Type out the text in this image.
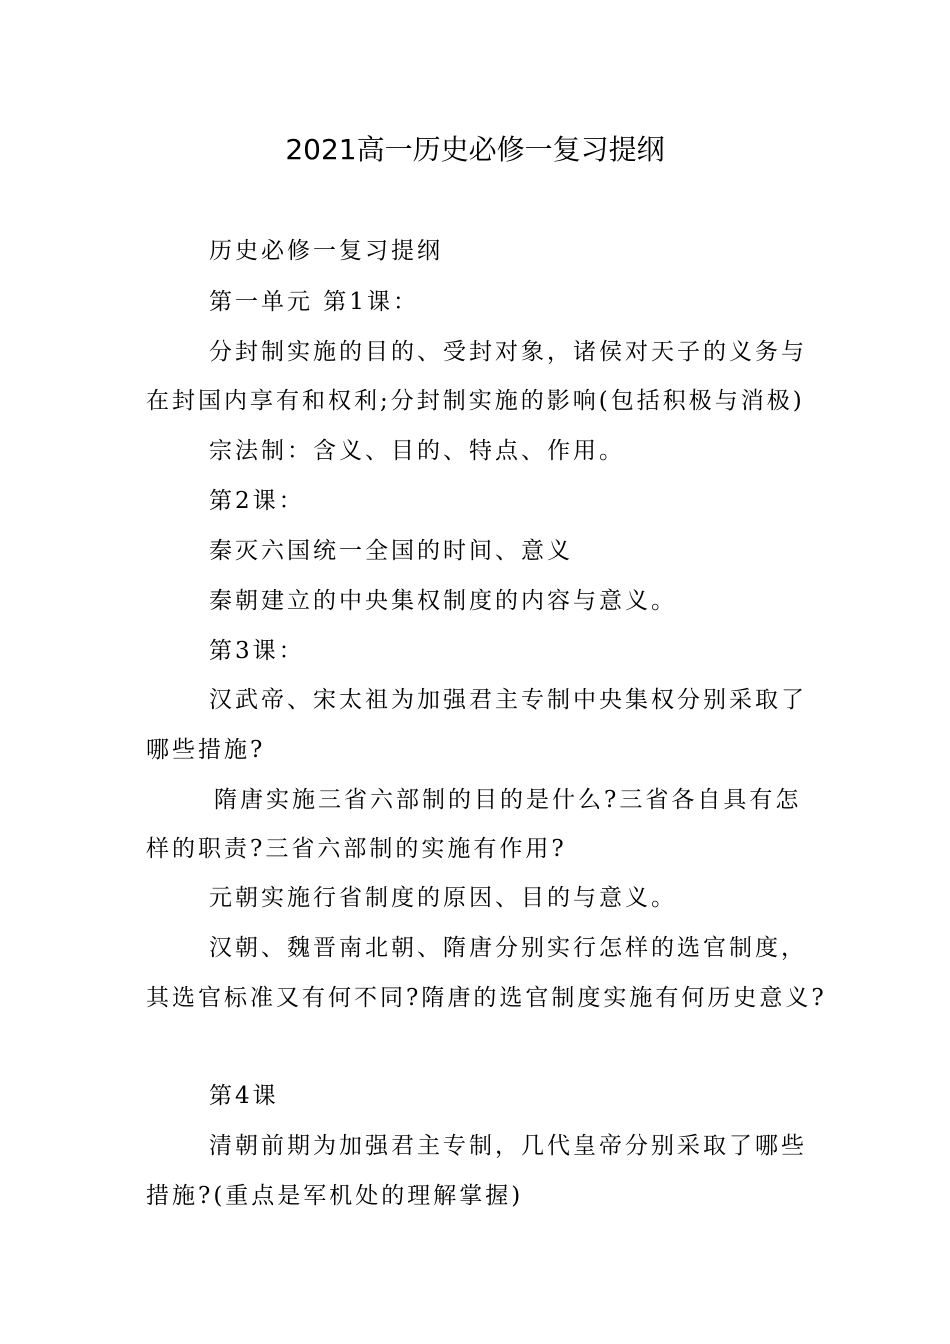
2021高一历史必修一复习提纲
历史必修一复习提纲
第一单元 第1课：
分封制实施的目的、受封对象，诸侯对天子的义务与
在封国内享有和权利;分封制实施的影响(包括积极与消极)
宗法制：含义、目的、特点、作用。
第2课：
秦灭六国统一全国的时间、意义
秦朝建立的中央集权制度的内容与意义。
第3课：
汉武帝、宋太祖为加强君主专制中央集权分别采取了
哪些措施?
隋唐实施三省六部制的目的是什么?三省各自具有怎
样的职责?三省六部制的实施有作用?
元朝实施行省制度的原因、目的与意义。
汉朝、魏晋南北朝、隋唐分别实行怎样的选官制度，
其选官标准又有何不同?隋唐的选官制度实施有何历史意义?
第4课
清朝前期为加强君主专制，几代皇帝分别采取了哪些
措施?(重点是军机处的理解掌握)
